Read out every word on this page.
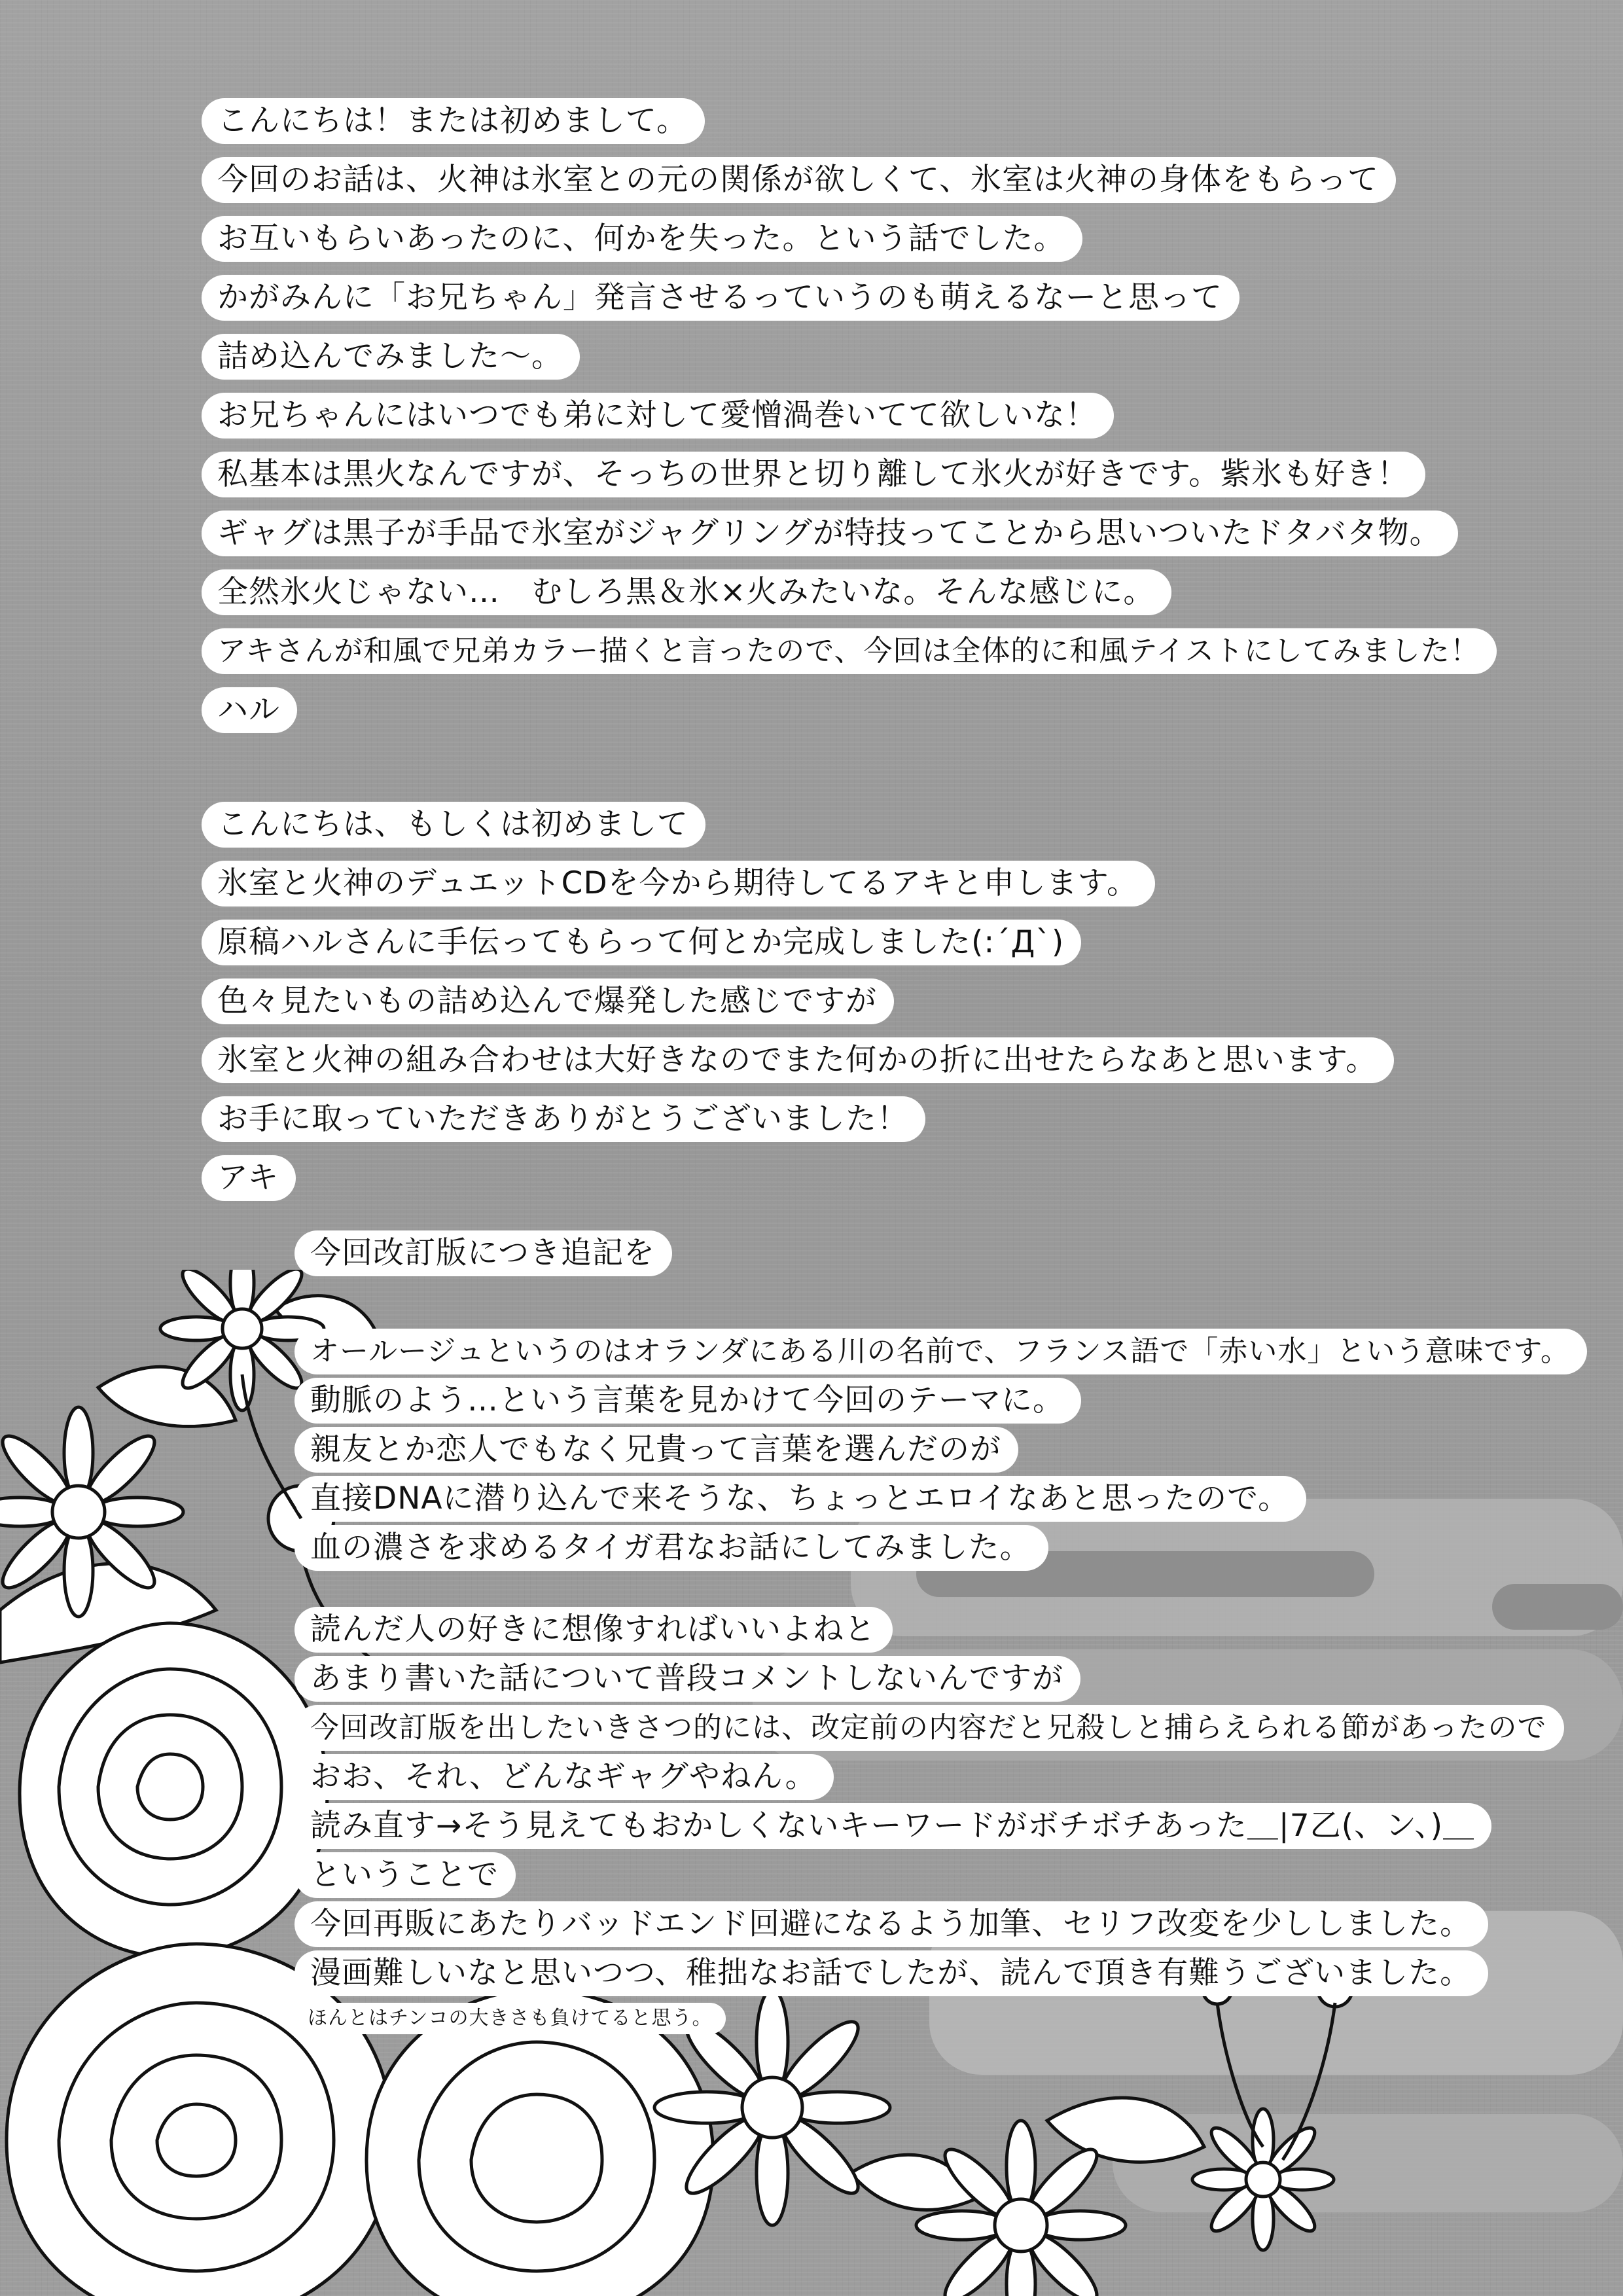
こんにちは！または初めまして。
今回のお話は、火神は氷室との元の関係が欲しくて、氷室は火神の身体をもらって
お互いもらいあったのに、何かを失った。という話でした。
かがみんに「お兄ちゃん」発言させるっていうのも萌えるなーと思って
詰め込んでみました～。
お兄ちゃんにはいつでも弟に対して愛憎渦巻いてて欲しいな！
私基本は黒火なんですが、そっちの世界と切り離して氷火が好きです。紫氷も好き！
ギャグは黒子が手品で氷室がジャグリングが特技ってことから思いついたドタバタ物。
全然氷火じゃない…　むしろ黒＆氷×火みたいな。そんな感じに。
アキさんが和風で兄弟カラー描くと言ったので、今回は全体的に和風テイストにしてみました！
ハル
こんにちは、もしくは初めまして
氷室と火神のデュエットCDを今から期待してるアキと申します。
原稿ハルさんに手伝ってもらって何とか完成しました(:´Д`)
色々見たいもの詰め込んで爆発した感じですが
氷室と火神の組み合わせは大好きなのでまた何かの折に出せたらなあと思います。
お手に取っていただきありがとうございました！
アキ
今回改訂版につき追記を
オールージュというのはオランダにある川の名前で、フランス語で「赤い水」という意味です。
動脈のよう…という言葉を見かけて今回のテーマに。
親友とか恋人でもなく兄貴って言葉を選んだのが
直接DNAに潜り込んで来そうな、ちょっとエロイなあと思ったので。
血の濃さを求めるタイガ君なお話にしてみました。
読んだ人の好きに想像すればいいよねと
あまり書いた話について普段コメントしないんですが
今回改訂版を出したいきさつ的には、改定前の内容だと兄殺しと捕らえられる節があったので
おお、それ、どんなギャグやねん。
読み直す→そう見えてもおかしくないキーワードがボチボチあった＿|7乙(、ン、)＿
ということで
今回再販にあたりバッドエンド回避になるよう加筆、セリフ改変を少ししました。
漫画難しいなと思いつつ、稚拙なお話でしたが、読んで頂き有難うございました。
ほんとはチンコの大きさも負けてると思う。
